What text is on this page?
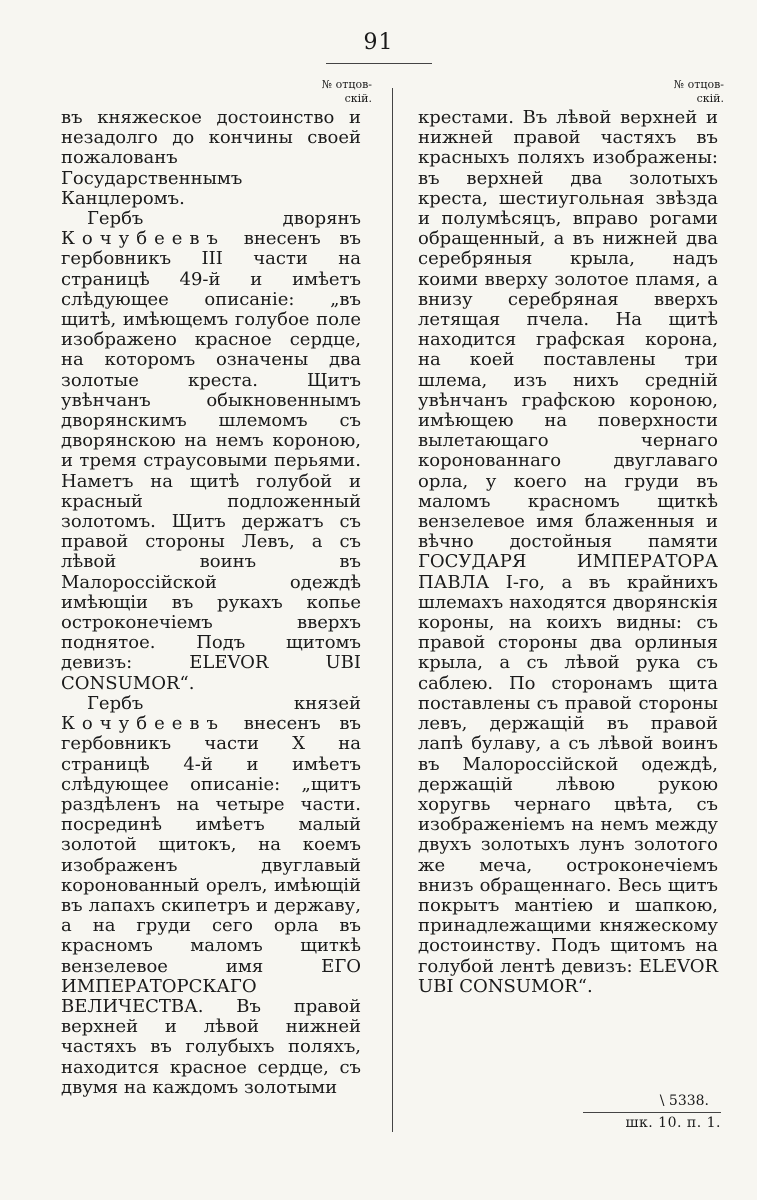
91
№ отцов-
скій.
№ отцов-
скій.

въ княжеское достоинство и незадолго до кончины своей пожалованъ Государственнымъ Канцлеромъ.

Гербъ дворянъ Кочубеевъ внесенъ въ гербовникъ III части на страницѣ 49-й и имѣетъ слѣдующее описаніе: „въ щитѣ, имѣющемъ голубое поле изображено красное сердце, на которомъ означены два золотые креста. Щитъ увѣнчанъ обыкновеннымъ дворянскимъ шлемомъ съ дворянскою на немъ короною, и тремя страусовыми перьями. Наметъ на щитѣ голубой и красный подложенный золотомъ. Щитъ держатъ съ правой стороны Левъ, а съ лѣвой воинъ въ Малороссійской одеждѣ имѣющіи въ рукахъ копье остроконечіемъ вверхъ поднятое. Подъ щитомъ девизъ: ELEVOR UBI CONSUMOR“.

Гербъ князей Кочубеевъ внесенъ въ гербовникъ части X на страницѣ 4-й и имѣетъ слѣдующее описаніе: „щитъ раздѣленъ на четыре части. посрединѣ имѣетъ малый золотой щитокъ, на коемъ изображенъ двуглавый коронованный орелъ, имѣющій въ лапахъ скипетръ и державу, а на груди сего орла въ красномъ маломъ щиткѣ вензелевое имя ЕГО ИМПЕРАТОРСКАГО ВЕЛИЧЕСТВА. Въ правой верхней и лѣвой нижней частяхъ въ голубыхъ поляхъ, находится красное сердце, съ двумя на каждомъ золотыми

крестами. Въ лѣвой верхней и нижней правой частяхъ въ красныхъ поляхъ изображены: въ верхней два золотыхъ креста, шестиугольная звѣзда и полумѣсяцъ, вправо рогами обращенный, а въ нижней два серебряныя крыла, надъ коими вверху золотое пламя, а внизу серебряная вверхъ летящая пчела. На щитѣ находится графская корона, на коей поставлены три шлема, изъ нихъ средній увѣнчанъ графскою короною, имѣющею на поверхности вылетающаго чернаго коронованнаго двуглаваго орла, у коего на груди въ маломъ красномъ щиткѣ вензелевое имя блаженныя и вѣчно достойныя памяти ГОСУДАРЯ ИМПЕРАТОРА ПАВЛА I-го, а въ крайнихъ шлемахъ находятся дворянскія короны, на коихъ видны: съ правой стороны два орлиныя крыла, а съ лѣвой рука съ саблею. По сторонамъ щита поставлены съ правой стороны левъ, держащій въ правой лапѣ булаву, а съ лѣвой воинъ въ Малороссійской одеждѣ, держащій лѣвою рукою хоругвь чернаго цвѣта, съ изображеніемъ на немъ между двухъ золотыхъ лунъ золотого же меча, остроконечіемъ внизъ обращеннаго. Весь щитъ покрытъ мантіею и шапкою, принадлежащими княжескому достоинству. Подъ щитомъ на голубой лентѣ девизъ: ELEVOR UBI CONSUMOR“.

\ 5338.
шк. 10. п. 1.
